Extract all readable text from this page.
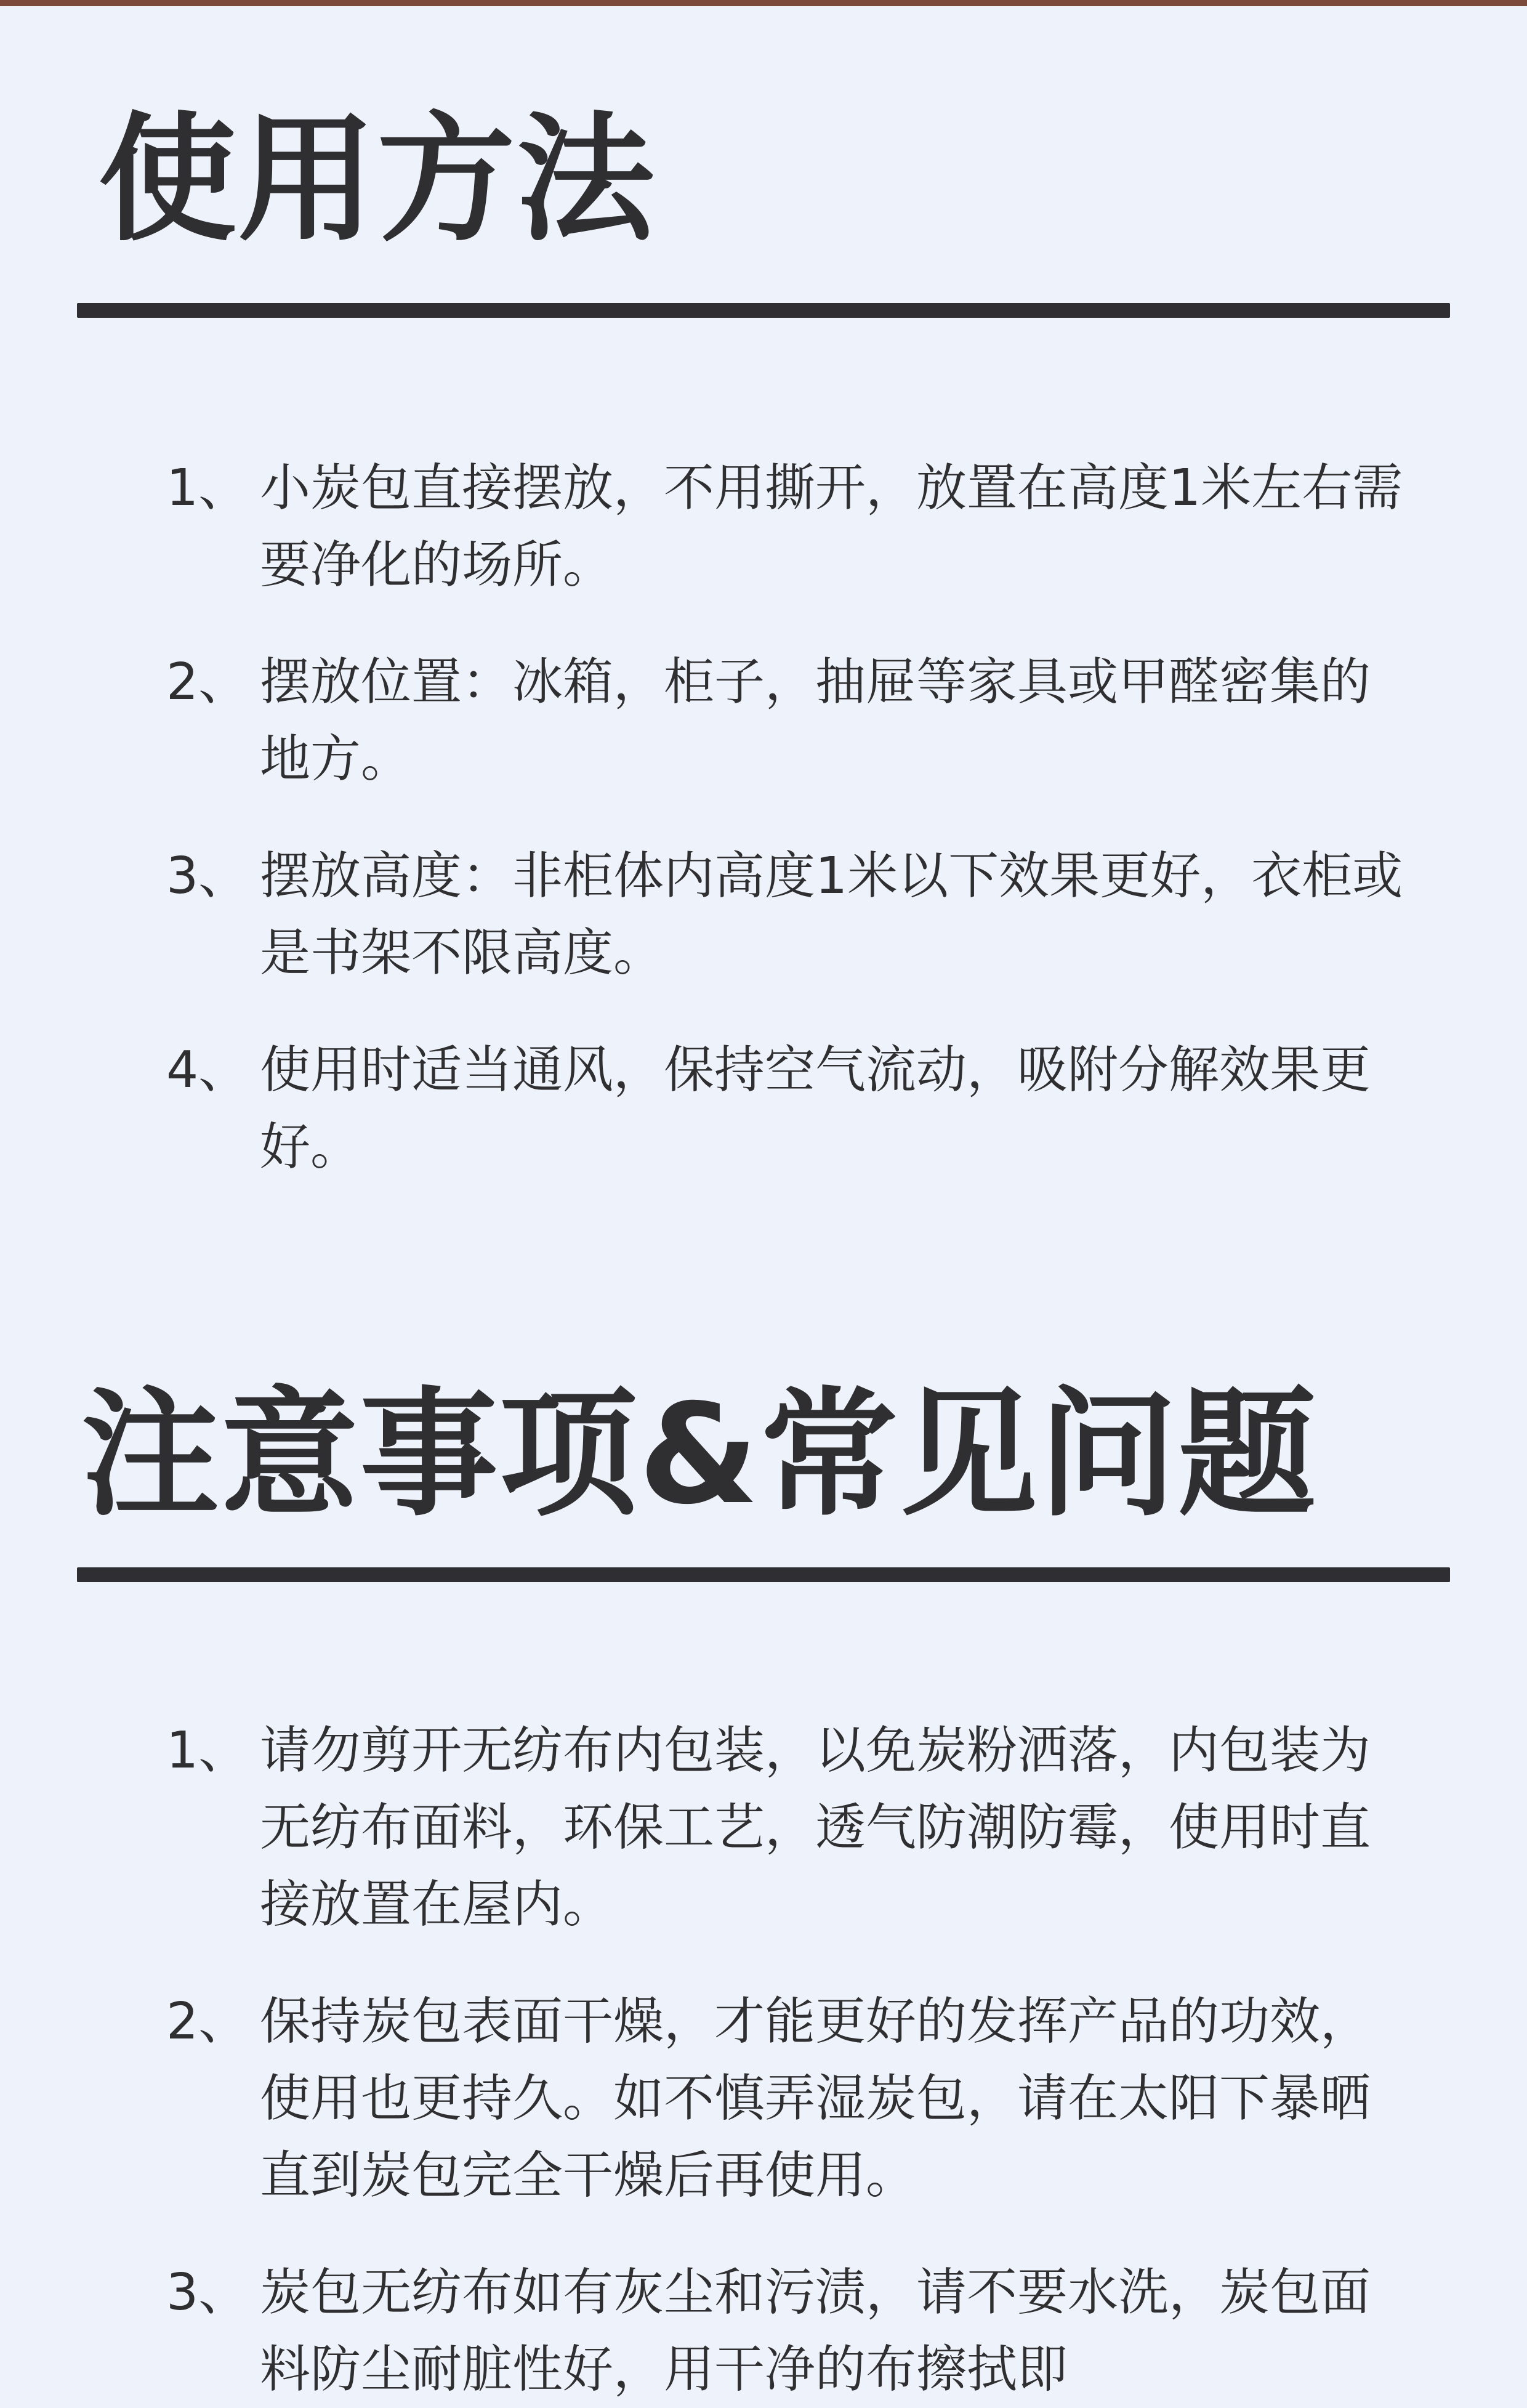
使用方法
1、 小炭包直接摆放，不用撕开，放置在高度1米左右需要净化的场所。
2、 摆放位置：冰箱，柜子，抽屉等家具或甲醛密集的地方。
3、 摆放高度：非柜体内高度1米以下效果更好，衣柜或是书架不限高度。
4、 使用时适当通风，保持空气流动，吸附分解效果更好。
注意事项&常见问题
1、 请勿剪开无纺布内包装，以免炭粉洒落，内包装为无纺布面料，环保工艺，透气防潮防霉，使用时直接放置在屋内。
2、 保持炭包表面干燥，才能更好的发挥产品的功效，使用也更持久。如不慎弄湿炭包，请在太阳下暴晒直到炭包完全干燥后再使用。
3、 炭包无纺布如有灰尘和污渍，请不要水洗，炭包面料防尘耐脏性好，用干净的布擦拭即
